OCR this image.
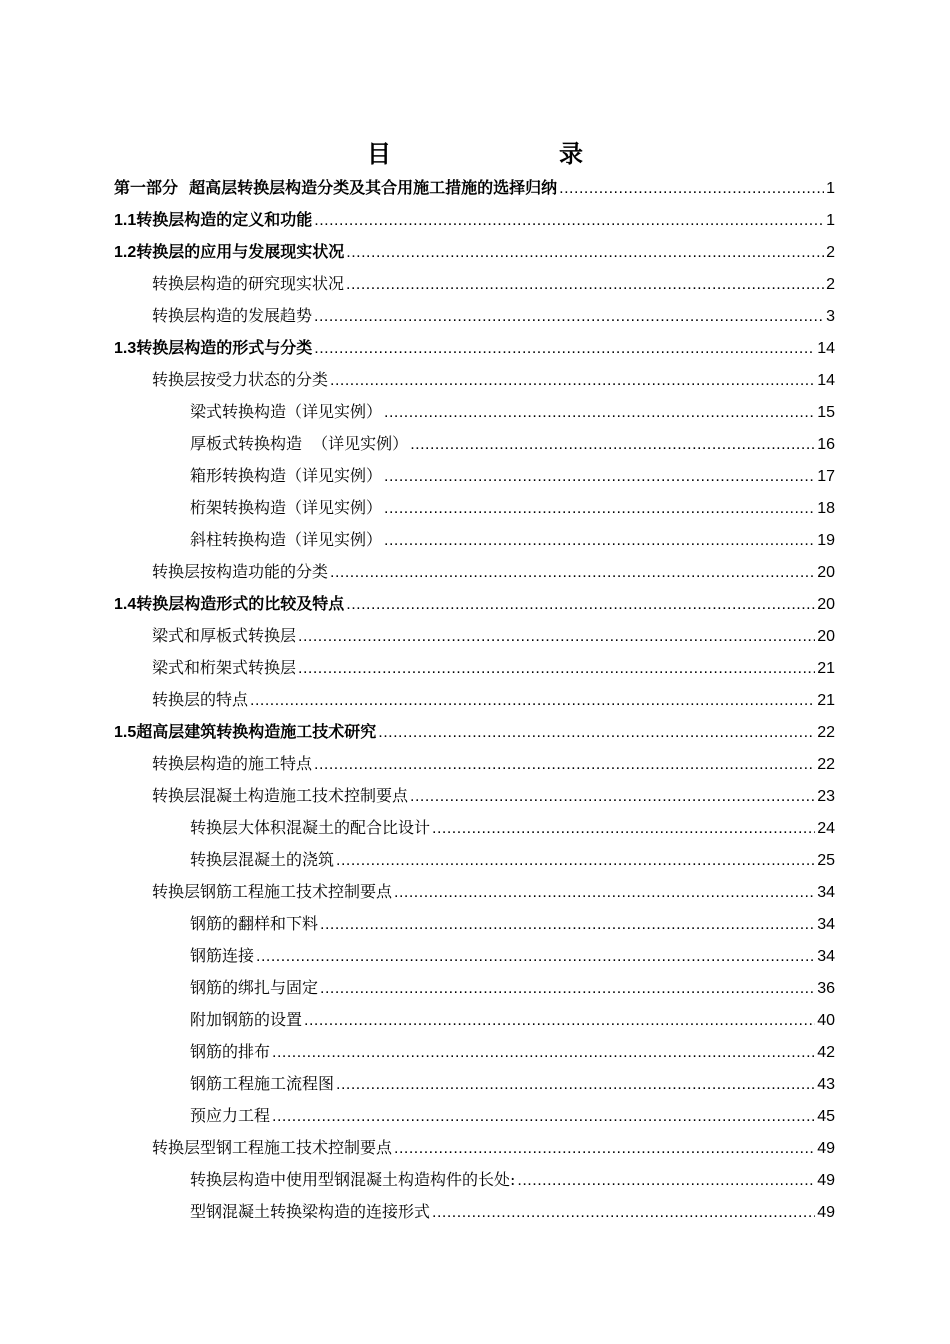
目　　录
第一部分  超高层转换层构造分类及其合用施工措施的选择归纳 .....	1
1.1 转换层构造的定义和功能 .....	1
1.2 转换层的应用与发展现实状况 .....	2
转换层构造的研究现实状况 .....	2
转换层构造的发展趋势 .....	3
1.3 转换层构造的形式与分类 .....	14
转换层按受力状态的分类 .....	14
梁式转换构造（详见实例） .....	15
厚板式转换构造  （详见实例） .....	16
箱形转换构造（详见实例） .....	17
桁架转换构造（详见实例） .....	18
斜柱转换构造（详见实例） .....	19
转换层按构造功能的分类 .....	20
1.4 转换层构造形式的比较及特点 .....	20
梁式和厚板式转换层 .....	20
梁式和桁架式转换层 .....	21
转换层的特点 .....	21
1.5 超高层建筑转换构造施工技术研究 .....	22
转换层构造的施工特点 .....	22
转换层混凝土构造施工技术控制要点 .....	23
转换层大体积混凝土的配合比设计 .....	24
转换层混凝土的浇筑 .....	25
转换层钢筋工程施工技术控制要点 .....	34
钢筋的翻样和下料 .....	34
钢筋连接 .....	34
钢筋的绑扎与固定 .....	36
附加钢筋的设置 .....	40
钢筋的排布 .....	42
钢筋工程施工流程图 .....	43
预应力工程 .....	45
转换层型钢工程施工技术控制要点 .....	49
转换层构造中使用型钢混凝土构造构件的长处: .....	49
型钢混凝土转换梁构造的连接形式 .....	49
